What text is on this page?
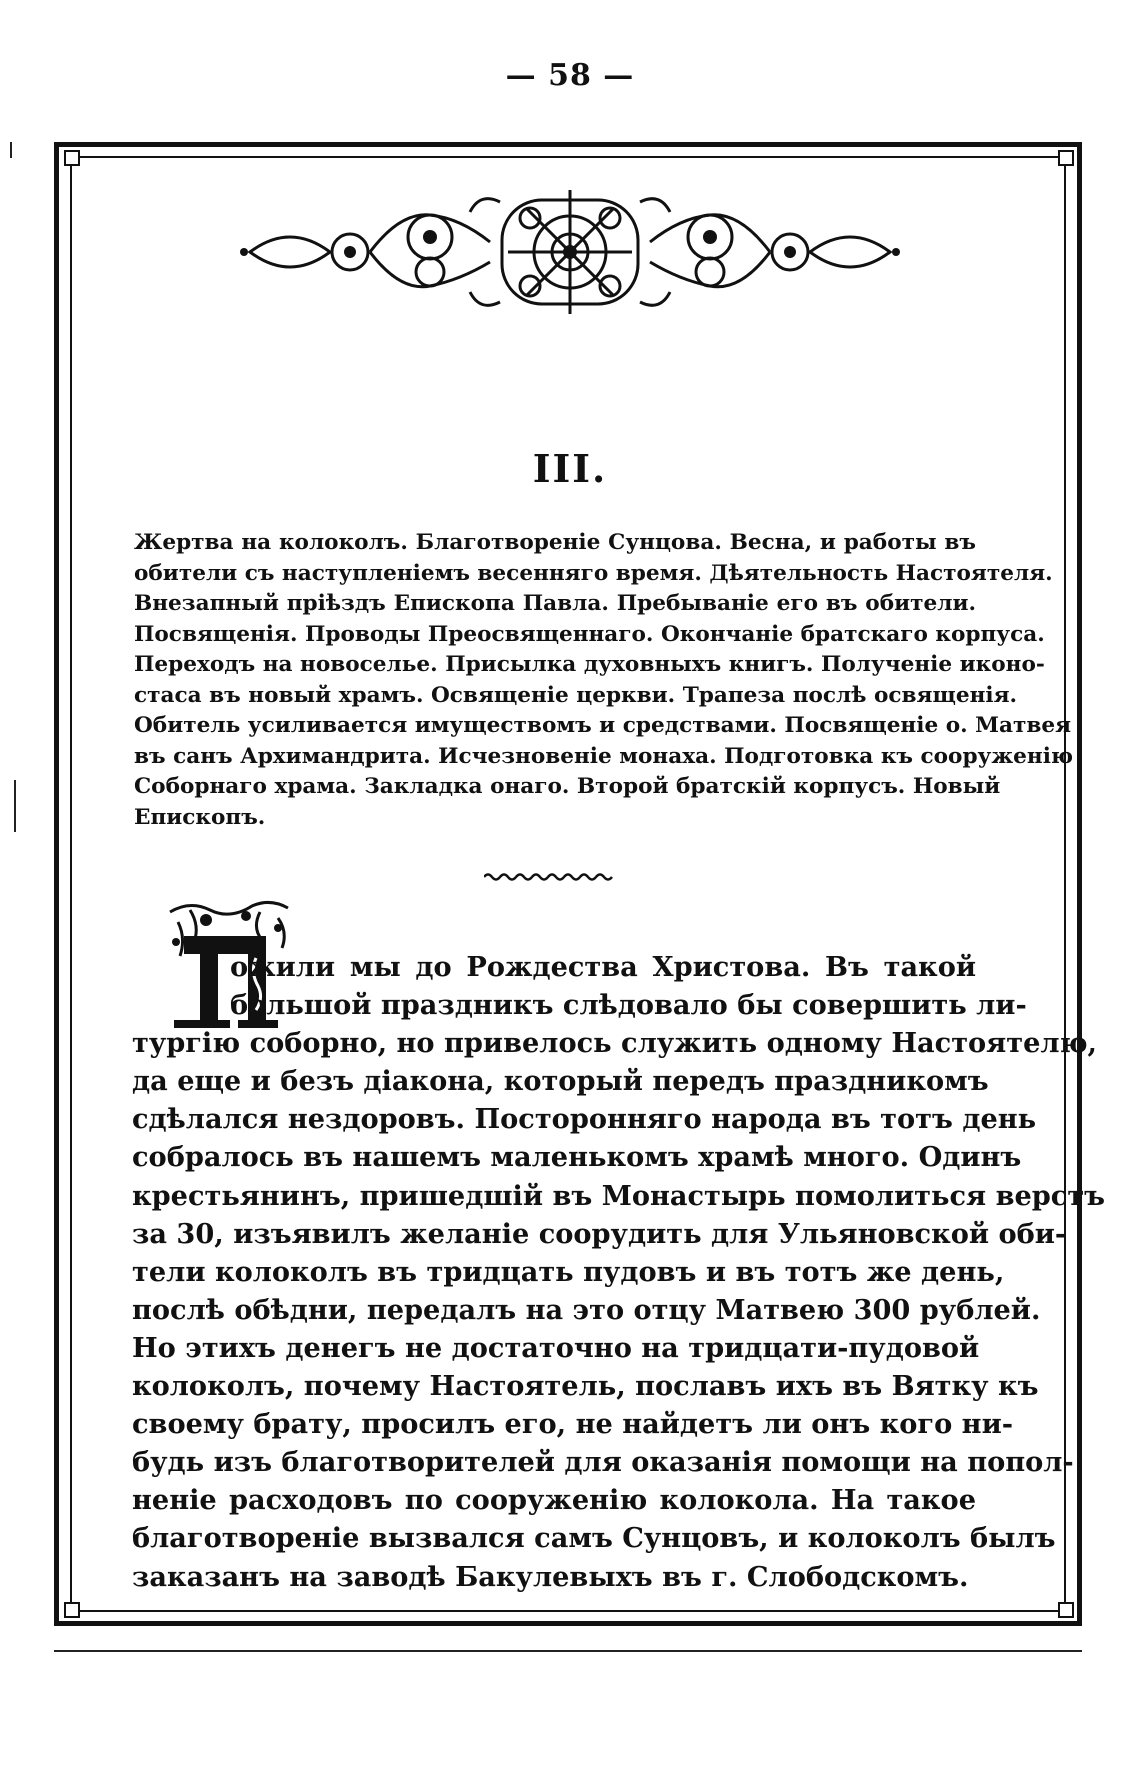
— 58 —
III.
Жертва на колоколъ. Благотвореніе Сунцова. Весна, и работы въ
обители съ наступленіемъ весенняго время. Дѣятельность Настоятеля.
Внезапный пріѣздъ Епископа Павла. Пребываніе его въ обители.
Посвященія. Проводы Преосвященнаго. Окончаніе братскаго корпуса.
Переходъ на новоселье. Присылка духовныхъ книгъ. Полученіе иконо-
стаса въ новый храмъ. Освященіе церкви. Трапеза послѣ освященія.
Обитель усиливается имуществомъ и средствами. Посвященіе о. Матвея
въ санъ Архимандрита. Исчезновеніе монаха. Подготовка къ сооруженію
Соборнаго храма. Закладка онаго. Второй братскій корпусъ. Новый
Епископъ.
ожили мы до Рождества Христова. Въ такой
большой праздникъ слѣдовало бы совершить ли-
тургію соборно, но привелось служить одному Настоятелю,
да еще и безъ діакона, который передъ праздникомъ
сдѣлался нездоровъ. Посторонняго народа въ тотъ день
собралось въ нашемъ маленькомъ храмѣ много. Одинъ
крестьянинъ, пришедшій въ Монастырь помолиться верстъ
за 30, изъявилъ желаніе соорудить для Ульяновской оби-
тели колоколъ въ тридцать пудовъ и въ тотъ же день,
послѣ обѣдни, передалъ на это отцу Матвею 300 рублей.
Но этихъ денегъ не достаточно на тридцати-пудовой
колоколъ, почему Настоятель, пославъ ихъ въ Вятку къ
своему брату, просилъ его, не найдетъ ли онъ кого ни-
будь изъ благотворителей для оказанія помощи на попол-
неніе расходовъ по сооруженію колокола. На такое
благотвореніе вызвался самъ Сунцовъ, и колоколъ былъ
заказанъ на заводѣ Бакулевыхъ въ г. Слободскомъ.
